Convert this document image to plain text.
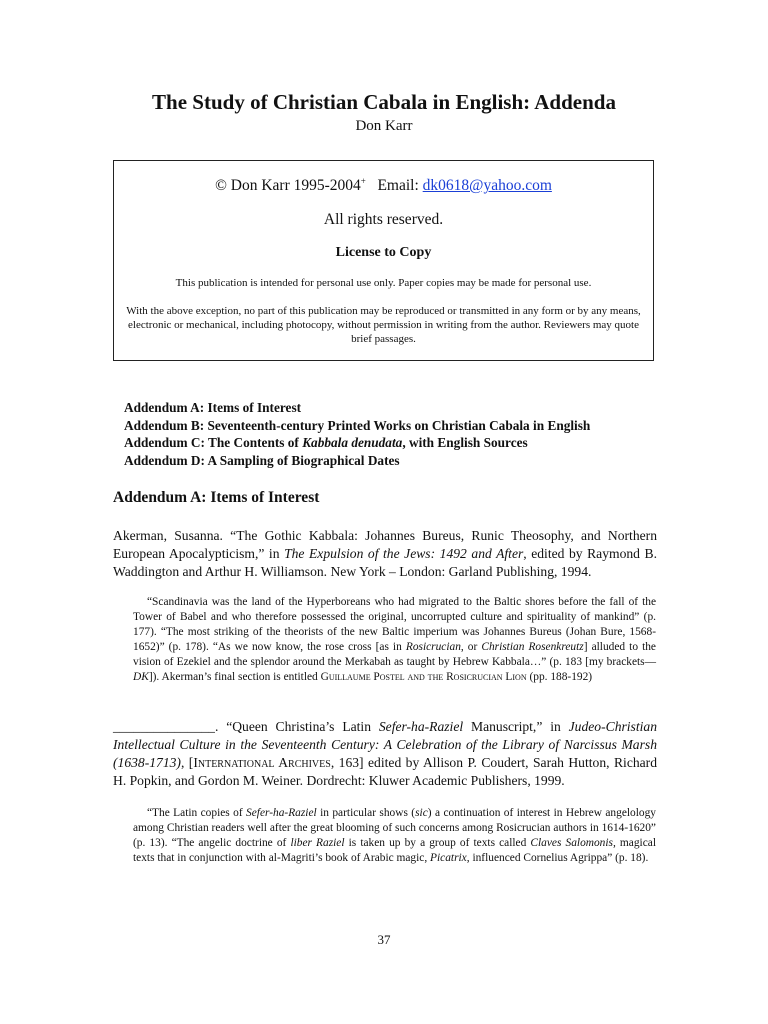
The Study of Christian Cabala in English: Addenda
Don Karr
© Don Karr 1995-2004+ Email: dk0618@yahoo.com
All rights reserved.
License to Copy
This publication is intended for personal use only. Paper copies may be made for personal use.
With the above exception, no part of this publication may be reproduced or transmitted in any form or by any means, electronic or mechanical, including photocopy, without permission in writing from the author. Reviewers may quote brief passages.
Addendum A: Items of Interest
Addendum B: Seventeenth-century Printed Works on Christian Cabala in English
Addendum C: The Contents of Kabbala denudata, with English Sources
Addendum D: A Sampling of Biographical Dates
Addendum A: Items of Interest

Akerman, Susanna. “The Gothic Kabbala: Johannes Bureus, Runic Theosophy, and Northern European Apocalypticism,” in The Expulsion of the Jews: 1492 and After, edited by Raymond B. Waddington and Arthur H. Williamson. New York – London: Garland Publishing, 1994.

“Scandinavia was the land of the Hyperboreans who had migrated to the Baltic shores before the fall of the Tower of Babel and who therefore possessed the original, uncorrupted culture and spirituality of mankind” (p. 177). “The most striking of the theorists of the new Baltic imperium was Johannes Bureus (Johan Bure, 1568-1652)” (p. 178). “As we now know, the rose cross [as in Rosicrucian, or Christian Rosenkreutz] alluded to the vision of Ezekiel and the splendor around the Merkabah as taught by Hebrew Kabbala…” (p. 183 [my brackets—DK]). Akerman’s final section is entitled Guillaume Postel and the Rosicrucian Lion (pp. 188-192)

_______________. “Queen Christina’s Latin Sefer-ha-Raziel Manuscript,” in Judeo-Christian Intellectual Culture in the Seventeenth Century: A Celebration of the Library of Narcissus Marsh (1638-1713), [International Archives, 163] edited by Allison P. Coudert, Sarah Hutton, Richard H. Popkin, and Gordon M. Weiner. Dordrecht: Kluwer Academic Publishers, 1999.

“The Latin copies of Sefer-ha-Raziel in particular shows (sic) a continuation of interest in Hebrew angelology among Christian readers well after the great blooming of such concerns among Rosicrucian authors in 1614-1620” (p. 13). “The angelic doctrine of liber Raziel is taken up by a group of texts called Claves Salomonis, magical texts that in conjunction with al-Magriti’s book of Arabic magic, Picatrix, influenced Cornelius Agrippa” (p. 18).

37
